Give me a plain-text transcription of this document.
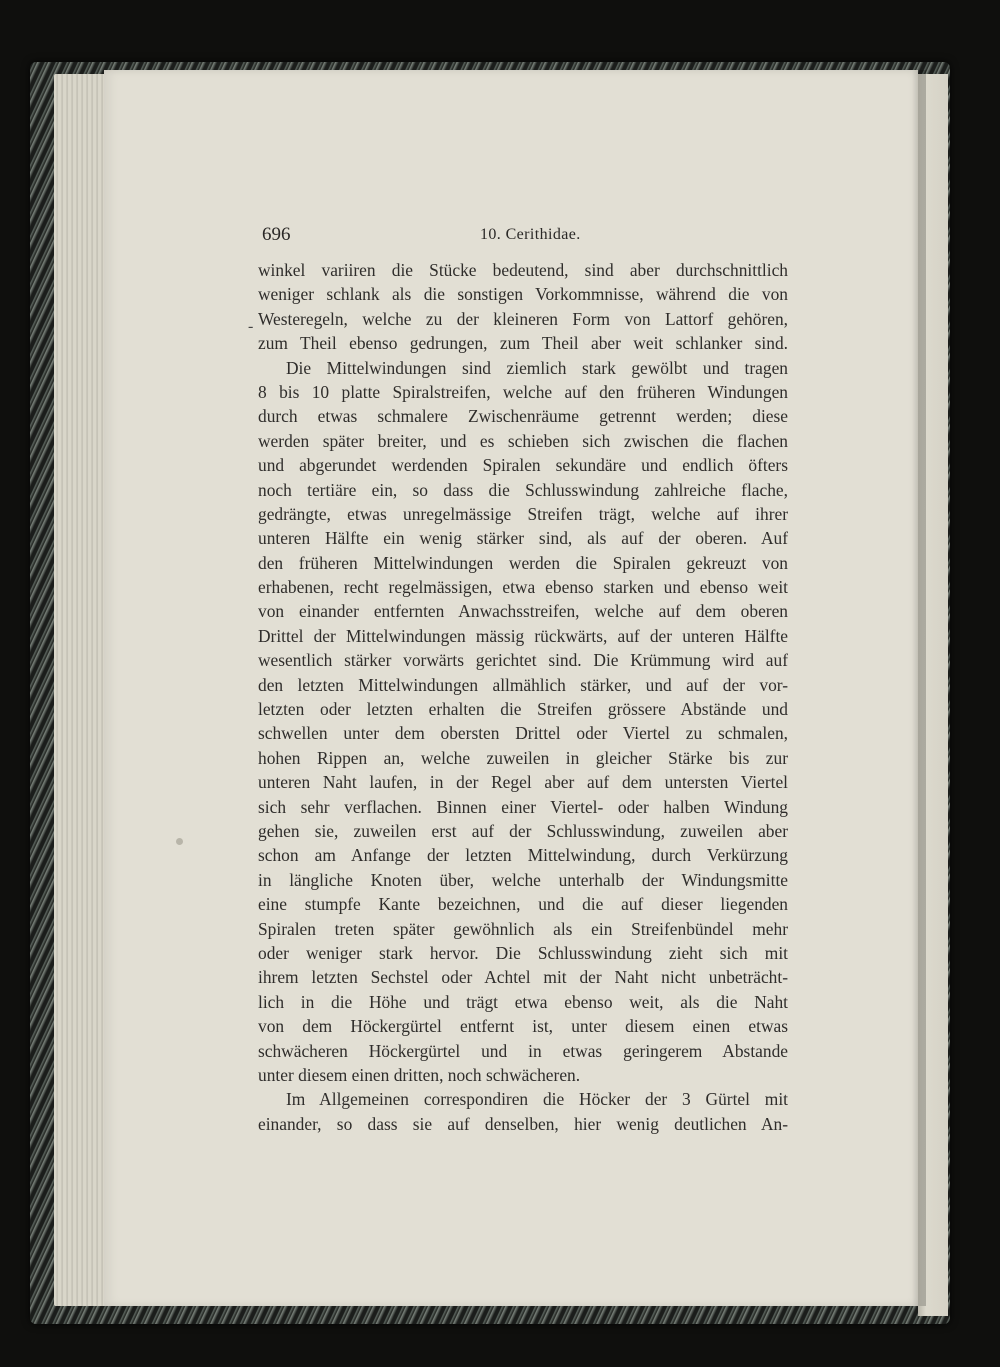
696	10. Cerithidae.
-
winkel variiren die Stücke bedeutend, sind aber durchschnittlich
weniger schlank als die sonstigen Vorkommnisse, während die von
Westeregeln, welche zu der kleineren Form von Lattorf gehören,
zum Theil ebenso gedrungen, zum Theil aber weit schlanker sind.
Die Mittelwindungen sind ziemlich stark gewölbt und tragen
8 bis 10 platte Spiralstreifen, welche auf den früheren Windungen
durch etwas schmalere Zwischenräume getrennt werden; diese
werden später breiter, und es schieben sich zwischen die flachen
und abgerundet werdenden Spiralen sekundäre und endlich öfters
noch tertiäre ein, so dass die Schlusswindung zahlreiche flache,
gedrängte, etwas unregelmässige Streifen trägt, welche auf ihrer
unteren Hälfte ein wenig stärker sind, als auf der oberen. Auf
den früheren Mittelwindungen werden die Spiralen gekreuzt von
erhabenen, recht regelmässigen, etwa ebenso starken und ebenso weit
von einander entfernten Anwachsstreifen, welche auf dem oberen
Drittel der Mittelwindungen mässig rückwärts, auf der unteren Hälfte
wesentlich stärker vorwärts gerichtet sind. Die Krümmung wird auf
den letzten Mittelwindungen allmählich stärker, und auf der vor-
letzten oder letzten erhalten die Streifen grössere Abstände und
schwellen unter dem obersten Drittel oder Viertel zu schmalen,
hohen Rippen an, welche zuweilen in gleicher Stärke bis zur
unteren Naht laufen, in der Regel aber auf dem untersten Viertel
sich sehr verflachen. Binnen einer Viertel- oder halben Windung
gehen sie, zuweilen erst auf der Schlusswindung, zuweilen aber
schon am Anfange der letzten Mittelwindung, durch Verkürzung
in längliche Knoten über, welche unterhalb der Windungsmitte
eine stumpfe Kante bezeichnen, und die auf dieser liegenden
Spiralen treten später gewöhnlich als ein Streifenbündel mehr
oder weniger stark hervor. Die Schlusswindung zieht sich mit
ihrem letzten Sechstel oder Achtel mit der Naht nicht unbeträcht-
lich in die Höhe und trägt etwa ebenso weit, als die Naht
von dem Höckergürtel entfernt ist, unter diesem einen etwas
schwächeren Höckergürtel und in etwas geringerem Abstande
unter diesem einen dritten, noch schwächeren.
Im Allgemeinen correspondiren die Höcker der 3 Gürtel mit
einander, so dass sie auf denselben, hier wenig deutlichen An-
